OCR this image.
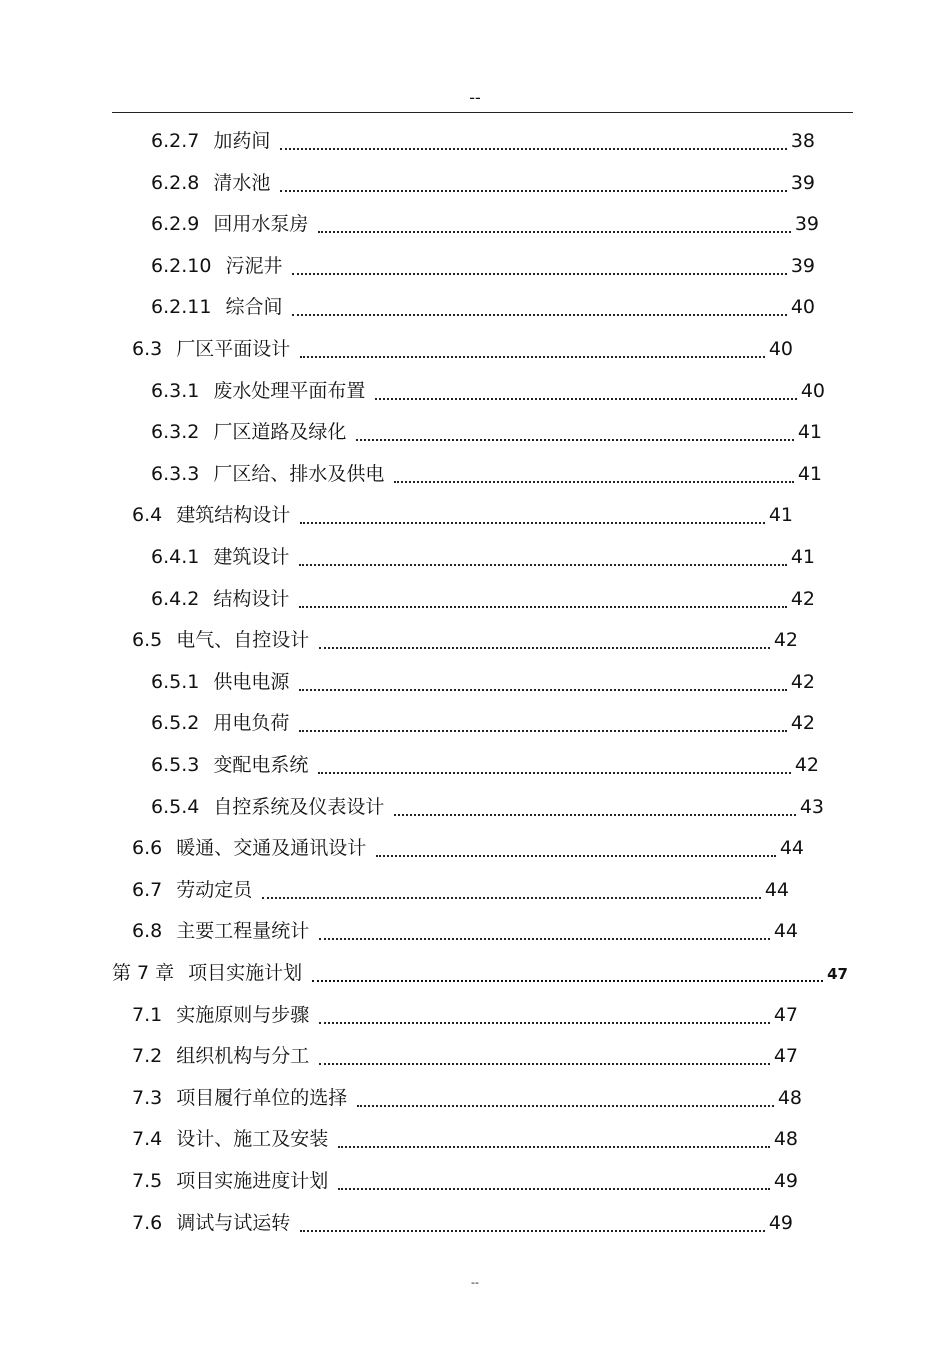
--
6.2.7 加药间	38
6.2.8 清水池	39
6.2.9 回用水泵房	39
6.2.10 污泥井	39
6.2.11 综合间	40
6.3 厂区平面设计	40
6.3.1 废水处理平面布置	40
6.3.2 厂区道路及绿化	41
6.3.3 厂区给、排水及供电	41
6.4 建筑结构设计	41
6.4.1 建筑设计	41
6.4.2 结构设计	42
6.5 电气、自控设计	42
6.5.1 供电电源	42
6.5.2 用电负荷	42
6.5.3 变配电系统	42
6.5.4 自控系统及仪表设计	43
6.6 暖通、交通及通讯设计	44
6.7 劳动定员	44
6.8 主要工程量统计	44
第 7 章 项目实施计划	47
7.1 实施原则与步骤	47
7.2 组织机构与分工	47
7.3 项目履行单位的选择	48
7.4 设计、施工及安装	48
7.5 项目实施进度计划	49
7.6 调试与试运转	49
--
